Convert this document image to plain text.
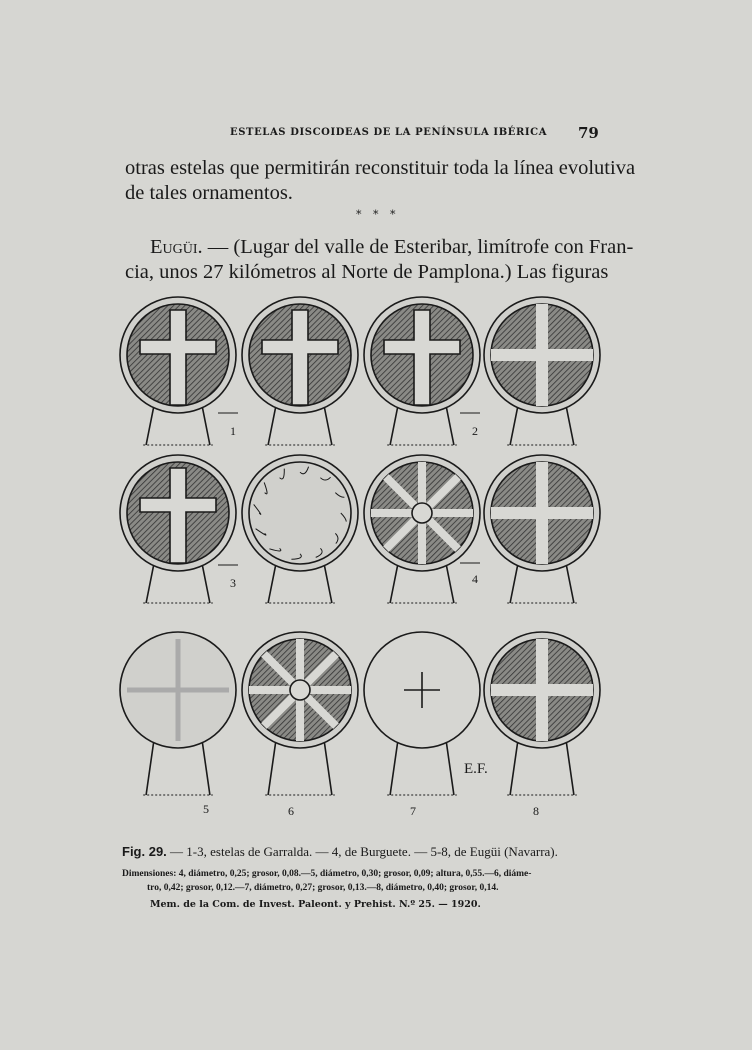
ESTELAS DISCOIDEAS DE LA PENÍNSULA IBÉRICA 79
otras estelas que permitirán reconstituir toda la línea evolutiva
de tales ornamentos.
* * *
Eugüi. — (Lugar del valle de Esteribar, limítrofe con Fran-
cia, unos 27 kilómetros al Norte de Pamplona.) Las figuras
1	2
3	4
5	6	7	8
E.F.
Fig. 29. — 1-3, estelas de Garralda. — 4, de Burguete. — 5-8, de Eugüi (Navarra).
Dimensiones: 4, diámetro, 0,25; grosor, 0,08.—5, diámetro, 0,30; grosor, 0,09; altura, 0,55.—6, diáme-
tro, 0,42; grosor, 0,12.—7, diámetro, 0,27; grosor, 0,13.—8, diámetro, 0,40; grosor, 0,14.
Mem. de la Com. de Invest. Paleont. y Prehist. N.º 25. — 1920.
